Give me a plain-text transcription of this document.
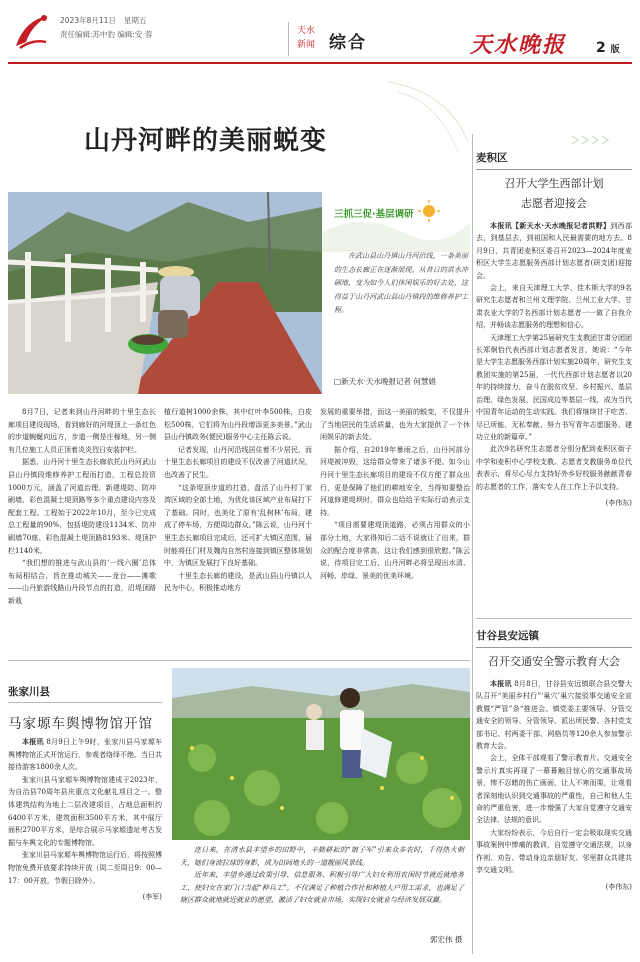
2023年8月11日 星期五
责任编辑:苏中豹 编辑:安 蓉	天水
新闻 综合	天水晚报 2 版
山丹河畔的美丽蜕变
三抓三促·基层调研
在武山县山丹镇山丹河沿线，一条美丽的生态长廊正在逐渐展现。从昔日的洪水冲刷地，变为如今人们休闲娱乐的好去处，这得益于山丹河武山县山丹镇段的维修养护工程。
□新天水·天水晚报记者 何慧娟

8月7日，记者来到山丹河畔的十里生态长廊项目建设现场，看到廊好的河堤顶上一条红色的步道蜿蜒向远方，步道一侧是庄稼地，另一侧有几位施工人员正顶着炎炎烈日安装护栏。

据悉，山丹河十里生态长廊依托山丹河武山县山丹镇段维修养护工程而打造，工程总投资1000万元，涵盖了河道治理、新建堤防、防冲刷墙、彩色混凝土堤顶路等多个重点建设内容及配套工程。工程始于2022年10月，至今已完成总工程量的90%，包括堤防建设1134米、防冲刷墙70座、彩色混凝土堤顶路8193米、堤顶护栏1140米。

“我们想的推进与武山县的‘一线六圈’总体布局相结合，旨在推动城关——龙台——滩歌——山丹旅游线路山丹段节点的打造，沿堤顶路新栽

植行道树1000余株，其中红叶李500株，白皮松500株，它们将为山丹段增添更多美景。”武山县山丹镇政务(便民)服务中心主任陈云说。

记者发现，山丹河沿线居住着不少居民，而十里生态长廊项目的建设不仅改善了河道状况，也改善了民生。

“这条堤顶步道的打造，盘活了山丹村丁家湾区域的全部土地，为优化该区域产业布局打下了基础。同时，也美化了原有‘乱树林’布局，建成了停车场，方便周边群众。”陈云说，山丹河十里生态长廊项目完成后，还可扩大镇区范围，届时能将任门村及魏沟自然村连接到镇区整体规划中，为镇区发展打下良好基础。

十里生态长廊的建设，是武山县山丹镇以人民为中心，积极推动地方

发展的重要举措，而这一美丽的蜕变，不仅提升了当地居民的生活质量，也为大家提供了一个休闲娱乐的新去处。

据介绍，自2019年暴雨之后，山丹河部分河堤被冲毁，这给群众带来了诸多不便。如今山丹河十里生态长廊项目的建设不仅方便了群众出行，更是保障了他们的耕地安全，当得知要整治河道修建堤坝时，群众也给给予实际行动表示支持。

“项目需要建堤顶道路，必须占用群众的小部分土地，大家得知后二话不说就让了出来，群众的配合度非常高，这让我们感到很欣慰。”陈云说，待项目完工后，山丹河畔必将呈现出水清、河畅、岸绿、景美的优美环境。

麦积区
召开大学生西部计划
志愿者迎接会

本报讯【新天水·天水晚报记者洪野】到西部去，到基层去，到祖国和人民最需要的地方去。8月9日，共青团麦积区委召开2023—2024年度麦积区大学生志愿服务西部计划志愿者(研支团)迎接会。

会上，来自天津理工大学、佳木斯大学的9名研究生志愿者和兰州文理学院、兰州工业大学、甘肃农业大学的7名西部计划志愿者一一做了自我介绍，并畅谈志愿服务的理想和信心。

天津理工大学第25届研究生支教团甘肃分团团长郑炯恰代表西部计划志愿者发言，她说：“今年是大学生志愿服务西部计划实施20周年，研究生支教团实施的第25届，一代代西部计划志愿者以20年的持续接力，奋斗在脱贫攻坚、乡村振兴、基层治理、绿色发展、民国成边等基层一线，成为当代中国青年运动的生动实践。我们将继续甘于吃苦、尽已所能、无私奉献、努力书写青年志愿服务、建功立业的新篇章。”

此次9名研究生志愿者分别分配到麦积区街子中学和麦积中心学校支教。志愿者支教服务单位代表表示，将尽心尽力支持好外乡好校服务献献青春的志愿者的工作，落实专人在工作上予以支持。

(李伟东)
甘谷县安远镇
召开交通安全警示教育大会

本报讯 8月8日，甘谷县安远镇联合县交警大队召开“美丽乡村行”‘巢穴’巢穴接驳事交通安全宣教暨“严管”条“推进会。镇党委主要领导、分管交通安全的领导、分管领导、派出所民警、各村党支部书记、村两委干部、网格员等120余人参加警示教育大会。

会上，全体干部观看了警示教育片。交通安全警示片真实再现了一幕幕触目惊心的交通事故场景，惨不忍睹的伤亡画面，让人不寒而栗，让观看者深刻地认识到交通事故的严重性，自己和他人生命的严重危害，进一步增强了大家自觉遵守交通安全法律、法规的意识。

大家纷纷表示，今后自行一定会吸取现实交通事故案例中惨痛的教训，自觉遵守交通法规，以身作则、劝告、带动身边亲朋好友、邻里群众共建共享交通文明。

(李伟东)
张家川县
马家塬车舆博物馆开馆

本报讯 8月9日上午9时，张家川县马家塬车舆博物馆正式开馆运行，参观者络绎不绝。当日共接待游客1800余人次。

张家川县马家塬车舆博物馆建成于2023年，为自治县70周年县庆重点文化献礼项目之一。整体建筑结构为地上二层改建项目，占地总面积约6400平方米，建筑面积3500平方米，其中展厅面积2700平方米，是综合展示马家塬遗址考古发掘与车舆文化的专题博物馆。

张家川县马家塬车舆博物馆运行后，将按照博物馆免费开放要求持续开放（周二至周日9：00—17：00开放，节假日除外）。

(李军)

连日来，在清水县丰望乡的田野中，辛勤耕耘的“娘子军”引来众多农时，千得热火朝天，她们身波拉球的身影，成为田间地头的一道靓丽风景线。

近年来，丰望乡通过政策引导、信息服务、积极引导广大妇女利用农闲时节就近就地务工，使妇女在家门口当起“种兵工”，不仅满足了种植合作社和种植大户用工需求，也满足了辖区群众就地就近就业的愿望，激活了妇女就业市场，实现妇女就业与经济发展双赢。

郭宏伟 摄
